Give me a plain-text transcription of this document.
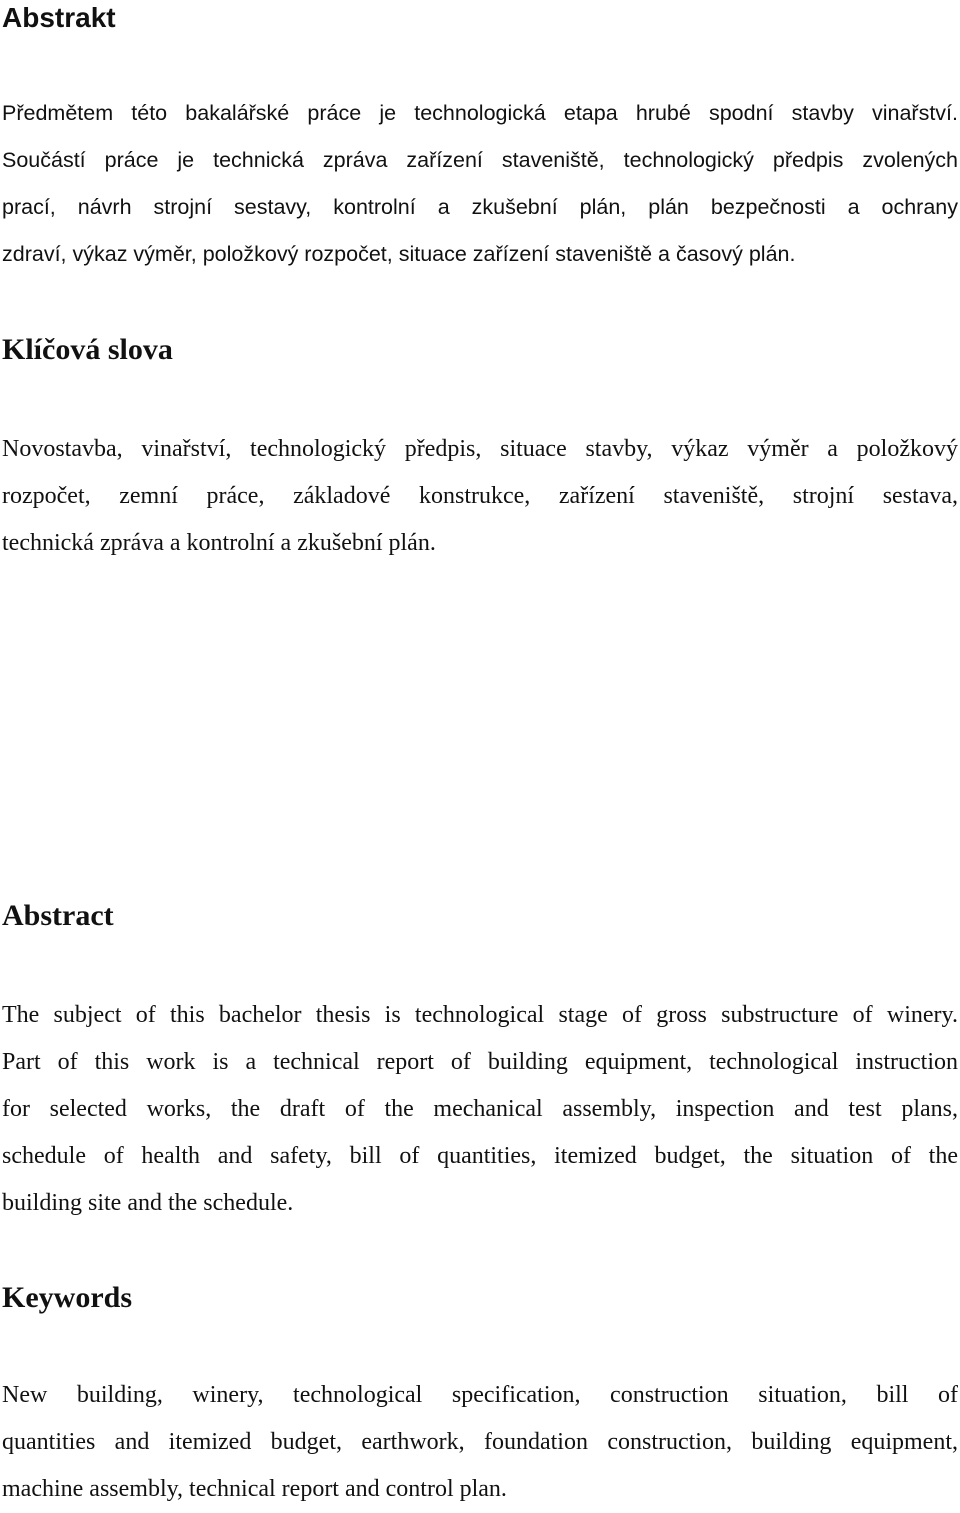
Abstrakt
Předmětem této bakalářské práce je technologická etapa hrubé spodní stavby vinařství.
Součástí práce je technická zpráva zařízení staveniště, technologický předpis zvolených
prací, návrh strojní sestavy, kontrolní a zkušební plán, plán bezpečnosti a ochrany
zdraví, výkaz výměr, položkový rozpočet, situace zařízení staveniště a časový plán.
Klíčová slova
Novostavba, vinařství, technologický předpis, situace stavby, výkaz výměr a položkový
rozpočet, zemní práce, základové konstrukce, zařízení staveniště, strojní sestava,
technická zpráva a kontrolní a zkušební plán.
Abstract
The subject of this bachelor thesis is technological stage of gross substructure of winery.
Part of this work is a technical report of building equipment, technological instruction
for selected works, the draft of the mechanical assembly, inspection and test plans,
schedule of health and safety, bill of quantities, itemized budget, the situation of the
building site and the schedule.
Keywords
New building, winery, technological specification, construction situation, bill of
quantities and itemized budget, earthwork, foundation construction, building equipment,
machine assembly, technical report and control plan.
